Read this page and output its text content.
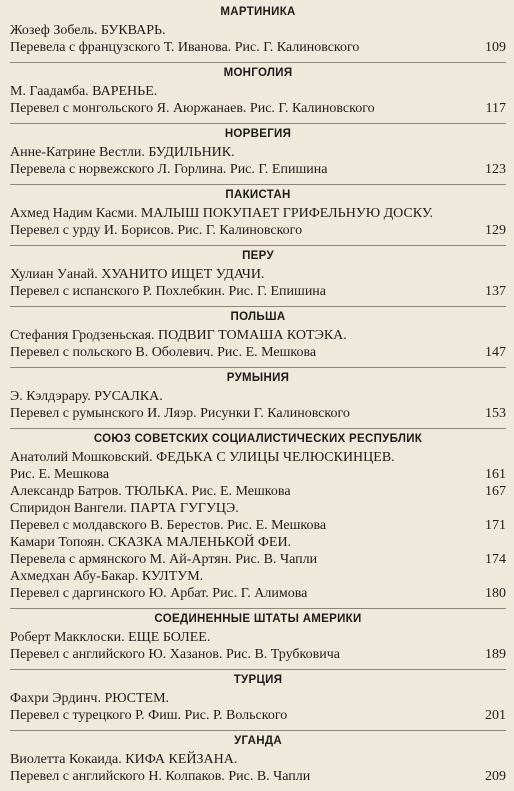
МАРТИНИКА
Жозеф Зобель. БУКВАРЬ.
Перевела с французского Т. Иванова. Рис. Г. Калиновского	109
МОНГОЛИЯ
М. Гаадамба. ВАРЕНЬЕ.
Перевел с монгольского Я. Аюржанаев. Рис. Г. Калиновского	117
НОРВЕГИЯ
Анне-Катрине Вестли. БУДИЛЬНИК.
Перевела с норвежского Л. Горлина. Рис. Г. Епишина	123
ПАКИСТАН
Ахмед Надим Касми. МАЛЫШ ПОКУПАЕТ ГРИФЕЛЬНУЮ ДОСКУ.
Перевел с урду И. Борисов. Рис. Г. Калиновского	129
ПЕРУ
Хулиан Уанай. ХУАНИТО ИЩЕТ УДАЧИ.
Перевел с испанского Р. Похлебкин. Рис. Г. Епишина	137
ПОЛЬША
Стефания Гродзеньская. ПОДВИГ ТОМАША КОТЭКА.
Перевел с польского В. Оболевич. Рис. Е. Мешкова	147
РУМЫНИЯ
Э. Кэлдэрару. РУСАЛКА.
Перевел с румынского И. Ляэр. Рисунки Г. Калиновского	153
СОЮЗ СОВЕТСКИХ СОЦИАЛИСТИЧЕСКИХ РЕСПУБЛИК
Анатолий Мошковский. ФЕДЬКА С УЛИЦЫ ЧЕЛЮСКИНЦЕВ.
Рис. Е. Мешкова	161
Александр Батров. ТЮЛЬКА. Рис. Е. Мешкова	167
Спиридон Вангели. ПАРТА ГУГУЦЭ.
Перевел с молдавского В. Берестов. Рис. Е. Мешкова	171
Камари Топоян. СКАЗКА МАЛЕНЬКОЙ ФЕИ.
Перевела с армянского М. Ай-Артян. Рис. В. Чапли	174
Ахмедхан Абу-Бакар. КУЛТУМ.
Перевел с даргинского Ю. Арбат. Рис. Г. Алимова	180
СОЕДИНЕННЫЕ ШТАТЫ АМЕРИКИ
Роберт Макклоски. ЕЩЕ БОЛЕЕ.
Перевел с английского Ю. Хазанов. Рис. В. Трубковича	189
ТУРЦИЯ
Фахри Эрдинч. РЮСТЕМ.
Перевел с турецкого Р. Фиш. Рис. Р. Вольского	201
УГАНДА
Виолетта Кокаида. КИФА КЕЙЗАНА.
Перевел с английского Н. Колпаков. Рис. В. Чапли	209
